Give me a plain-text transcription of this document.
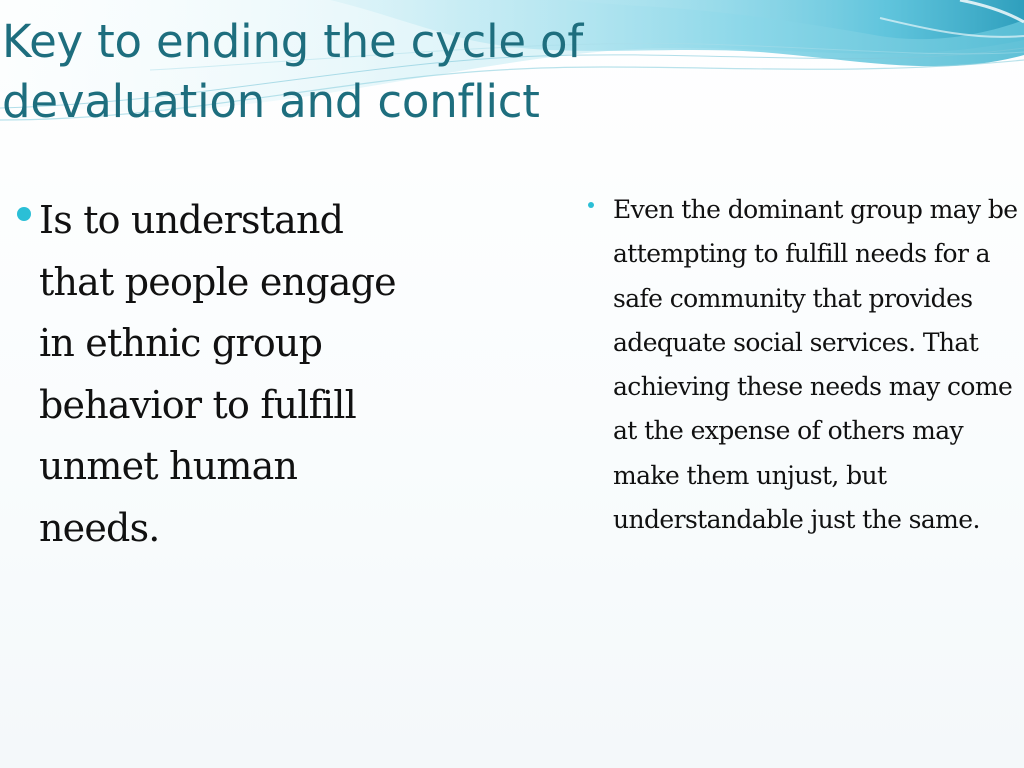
Key to ending the cycle of devaluation and conflict
Is to understand that people engage in ethnic group behavior to fulfill unmet human needs.
Even the dominant group may be attempting to fulfill needs for a safe community that provides adequate social services. That achieving these needs may come at the expense of others may make them unjust, but understandable just the same.
